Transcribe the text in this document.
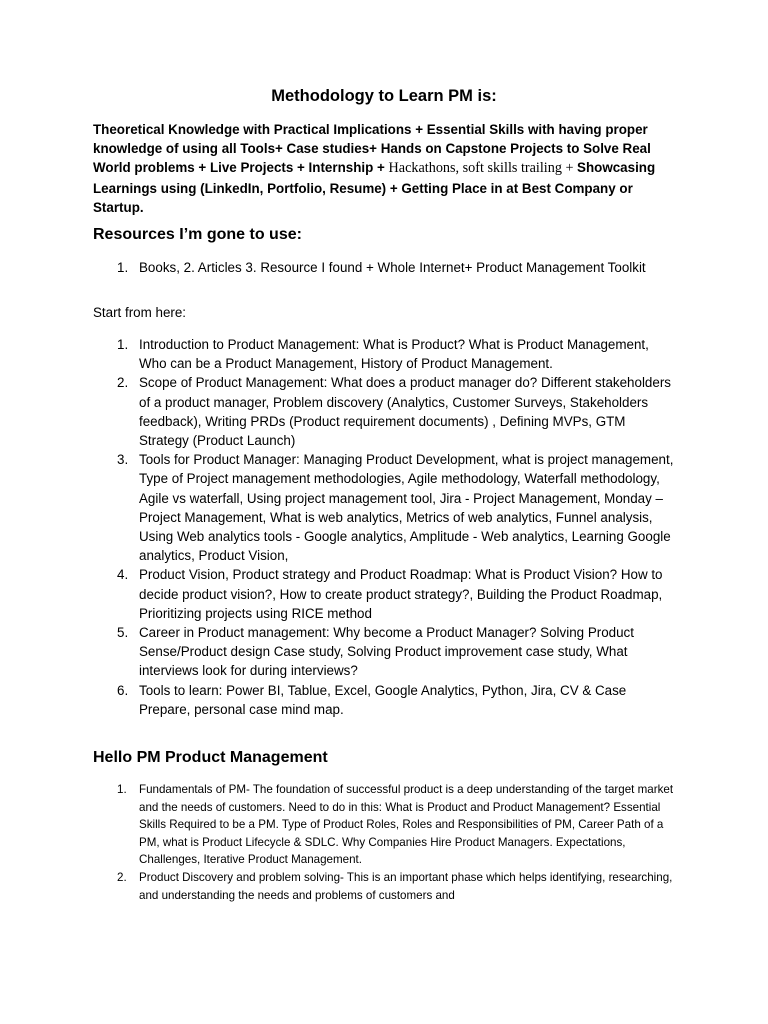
Methodology to Learn PM is:
Theoretical Knowledge with Practical Implications + Essential Skills with having proper knowledge of using all Tools+ Case studies+ Hands on Capstone Projects to Solve Real World problems + Live Projects + Internship + Hackathons, soft skills trailing + Showcasing Learnings using (LinkedIn, Portfolio, Resume) + Getting Place in at Best Company or Startup.
Resources I’m gone to use:
1. Books, 2. Articles 3. Resource I found + Whole Internet+ Product Management Toolkit
Start from here:
1. Introduction to Product Management: What is Product? What is Product Management, Who can be a Product Management, History of Product Management.
2. Scope of Product Management: What does a product manager do? Different stakeholders of a product manager, Problem discovery (Analytics, Customer Surveys, Stakeholders feedback), Writing PRDs (Product requirement documents) , Defining MVPs, GTM Strategy (Product Launch)
3. Tools for Product Manager: Managing Product Development, what is project management, Type of Project management methodologies, Agile methodology, Waterfall methodology, Agile vs waterfall, Using project management tool, Jira - Project Management, Monday – Project Management, What is web analytics, Metrics of web analytics, Funnel analysis, Using Web analytics tools - Google analytics, Amplitude - Web analytics, Learning Google analytics, Product Vision,
4. Product Vision, Product strategy and Product Roadmap: What is Product Vision? How to decide product vision?, How to create product strategy?, Building the Product Roadmap, Prioritizing projects using RICE method
5. Career in Product management: Why become a Product Manager? Solving Product Sense/Product design Case study, Solving Product improvement case study, What interviews look for during interviews?
6. Tools to learn: Power BI, Tablue, Excel, Google Analytics, Python, Jira, CV & Case Prepare, personal case mind map.
Hello PM Product Management
1. Fundamentals of PM- The foundation of successful product is a deep understanding of the target market and the needs of customers. Need to do in this: What is Product and Product Management? Essential Skills Required to be a PM. Type of Product Roles, Roles and Responsibilities of PM, Career Path of a PM, what is Product Lifecycle & SDLC. Why Companies Hire Product Managers. Expectations, Challenges, Iterative Product Management.
2. Product Discovery and problem solving- This is an important phase which helps identifying, researching, and understanding the needs and problems of customers and
